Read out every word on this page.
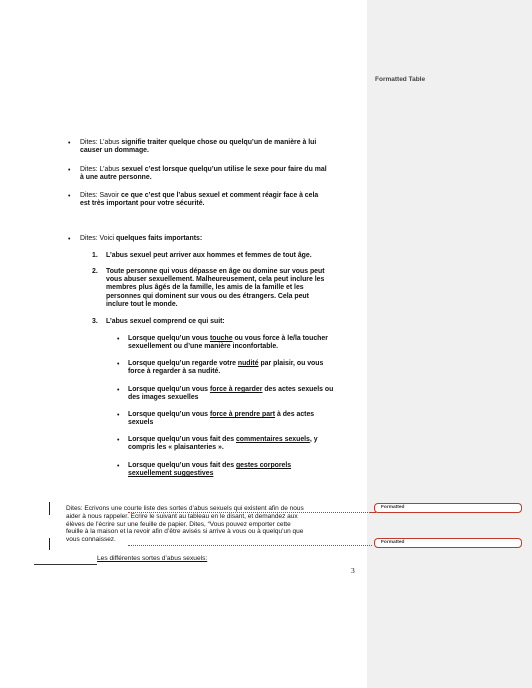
Formatted Table
• Dites: L’abus signifie traiter quelque chose ou quelqu’un de manière à lui
causer un dommage.
• Dites: L’abus sexuel c’est lorsque quelqu’un utilise le sexe pour faire du mal
à une autre personne.
• Dites: Savoir ce que c’est que l’abus sexuel et comment réagir face à cela
est très important pour votre sécurité.
• Dites: Voici quelques faits importants:
1. L’abus sexuel peut arriver aux hommes et femmes de tout âge.
2. Toute personne qui vous dépasse en âge ou domine sur vous peut
vous abuser sexuellement. Malheureusement, cela peut inclure les
membres plus âgés de la famille, les amis de la famille et les
personnes qui dominent sur vous ou des étrangers. Cela peut
inclure tout le monde.
3. L’abus sexuel comprend ce qui suit:
• Lorsque quelqu’un vous touche ou vous force à le/la toucher
sexuellement ou d’une manière inconfortable.
• Lorsque quelqu’un regarde votre nudité par plaisir, ou vous
force à regarder à sa nudité.
• Lorsque quelqu’un vous force à regarder des actes sexuels ou
des images sexuelles
• Lorsque quelqu’un vous force à prendre part à des actes
sexuels
• Lorsque quelqu’un vous fait des commentaires sexuels, y
compris les « plaisanteries ».
• Lorsque quelqu’un vous fait des gestes corporels
sexuellement suggestives
Dites: Ecrivons une courte liste des sortes d’abus sexuels qui existent afin de nous
aider à nous rappeler. Ecrire le suivant au tableau en le disant, et demandez aux
élèves de l’écrire sur une feuille de papier. Dites, “Vous pouvez emporter cette
feuille à la maison et la revoir afin d’être avisés si arrive à vous ou à quelqu’un que
vous connaissez.
Les différentes sortes d’abus sexuels:
3
Formatted
Formatted
